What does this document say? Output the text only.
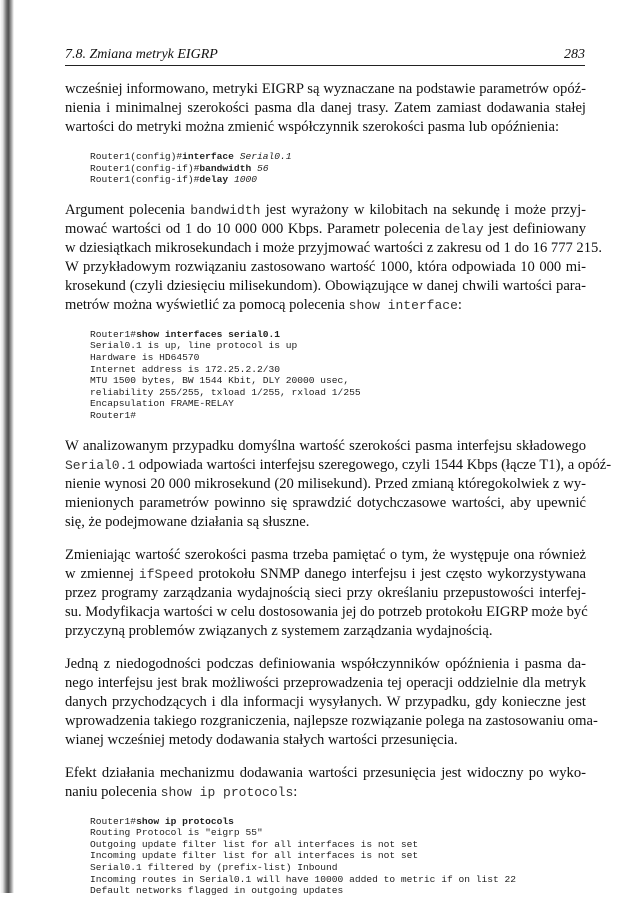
7.8. Zmiana metryk EIGRP	283
wcześniej informowano, metryki EIGRP są wyznaczane na podstawie parametrów opóź-
nienia i minimalnej szerokości pasma dla danej trasy. Zatem zamiast dodawania stałej
wartości do metryki można zmienić współczynnik szerokości pasma lub opóźnienia:
Router1(config)#interface Serial0.1
Router1(config-if)#bandwidth 56
Router1(config-if)#delay 1000
Argument polecenia bandwidth jest wyrażony w kilobitach na sekundę i może przyj-
mować wartości od 1 do 10 000 000 Kbps. Parametr polecenia delay jest definiowany
w dziesiątkach mikrosekundach i może przyjmować wartości z zakresu od 1 do 16 777 215.
W przykładowym rozwiązaniu zastosowano wartość 1000, która odpowiada 10 000 mi-
krosekund (czyli dziesięciu milisekundom). Obowiązujące w danej chwili wartości para-
metrów można wyświetlić za pomocą polecenia show interface:
Router1#show interfaces serial0.1
Serial0.1 is up, line protocol is up
Hardware is HD64570
Internet address is 172.25.2.2/30
MTU 1500 bytes, BW 1544 Kbit, DLY 20000 usec,
reliability 255/255, txload 1/255, rxload 1/255
Encapsulation FRAME-RELAY
Router1#
W analizowanym przypadku domyślna wartość szerokości pasma interfejsu składowego
Serial0.1 odpowiada wartości interfejsu szeregowego, czyli 1544 Kbps (łącze T1), a opóź-
nienie wynosi 20 000 mikrosekund (20 milisekund). Przed zmianą któregokolwiek z wy-
mienionych parametrów powinno się sprawdzić dotychczasowe wartości, aby upewnić
się, że podejmowane działania są słuszne.
Zmieniając wartość szerokości pasma trzeba pamiętać o tym, że występuje ona również
w zmiennej ifSpeed protokołu SNMP danego interfejsu i jest często wykorzystywana
przez programy zarządzania wydajnością sieci przy określaniu przepustowości interfej-
su. Modyfikacja wartości w celu dostosowania jej do potrzeb protokołu EIGRP może być
przyczyną problemów związanych z systemem zarządzania wydajnością.
Jedną z niedogodności podczas definiowania współczynników opóźnienia i pasma da-
nego interfejsu jest brak możliwości przeprowadzenia tej operacji oddzielnie dla metryk
danych przychodzących i dla informacji wysyłanych. W przypadku, gdy konieczne jest
wprowadzenia takiego rozgraniczenia, najlepsze rozwiązanie polega na zastosowaniu oma-
wianej wcześniej metody dodawania stałych wartości przesunięcia.
Efekt działania mechanizmu dodawania wartości przesunięcia jest widoczny po wyko-
naniu polecenia show ip protocols:
Router1#show ip protocols
Routing Protocol is "eigrp 55"
Outgoing update filter list for all interfaces is not set
Incoming update filter list for all interfaces is not set
Serial0.1 filtered by (prefix-list) Inbound
Incoming routes in Serial0.1 will have 10000 added to metric if on list 22
Default networks flagged in outgoing updates
